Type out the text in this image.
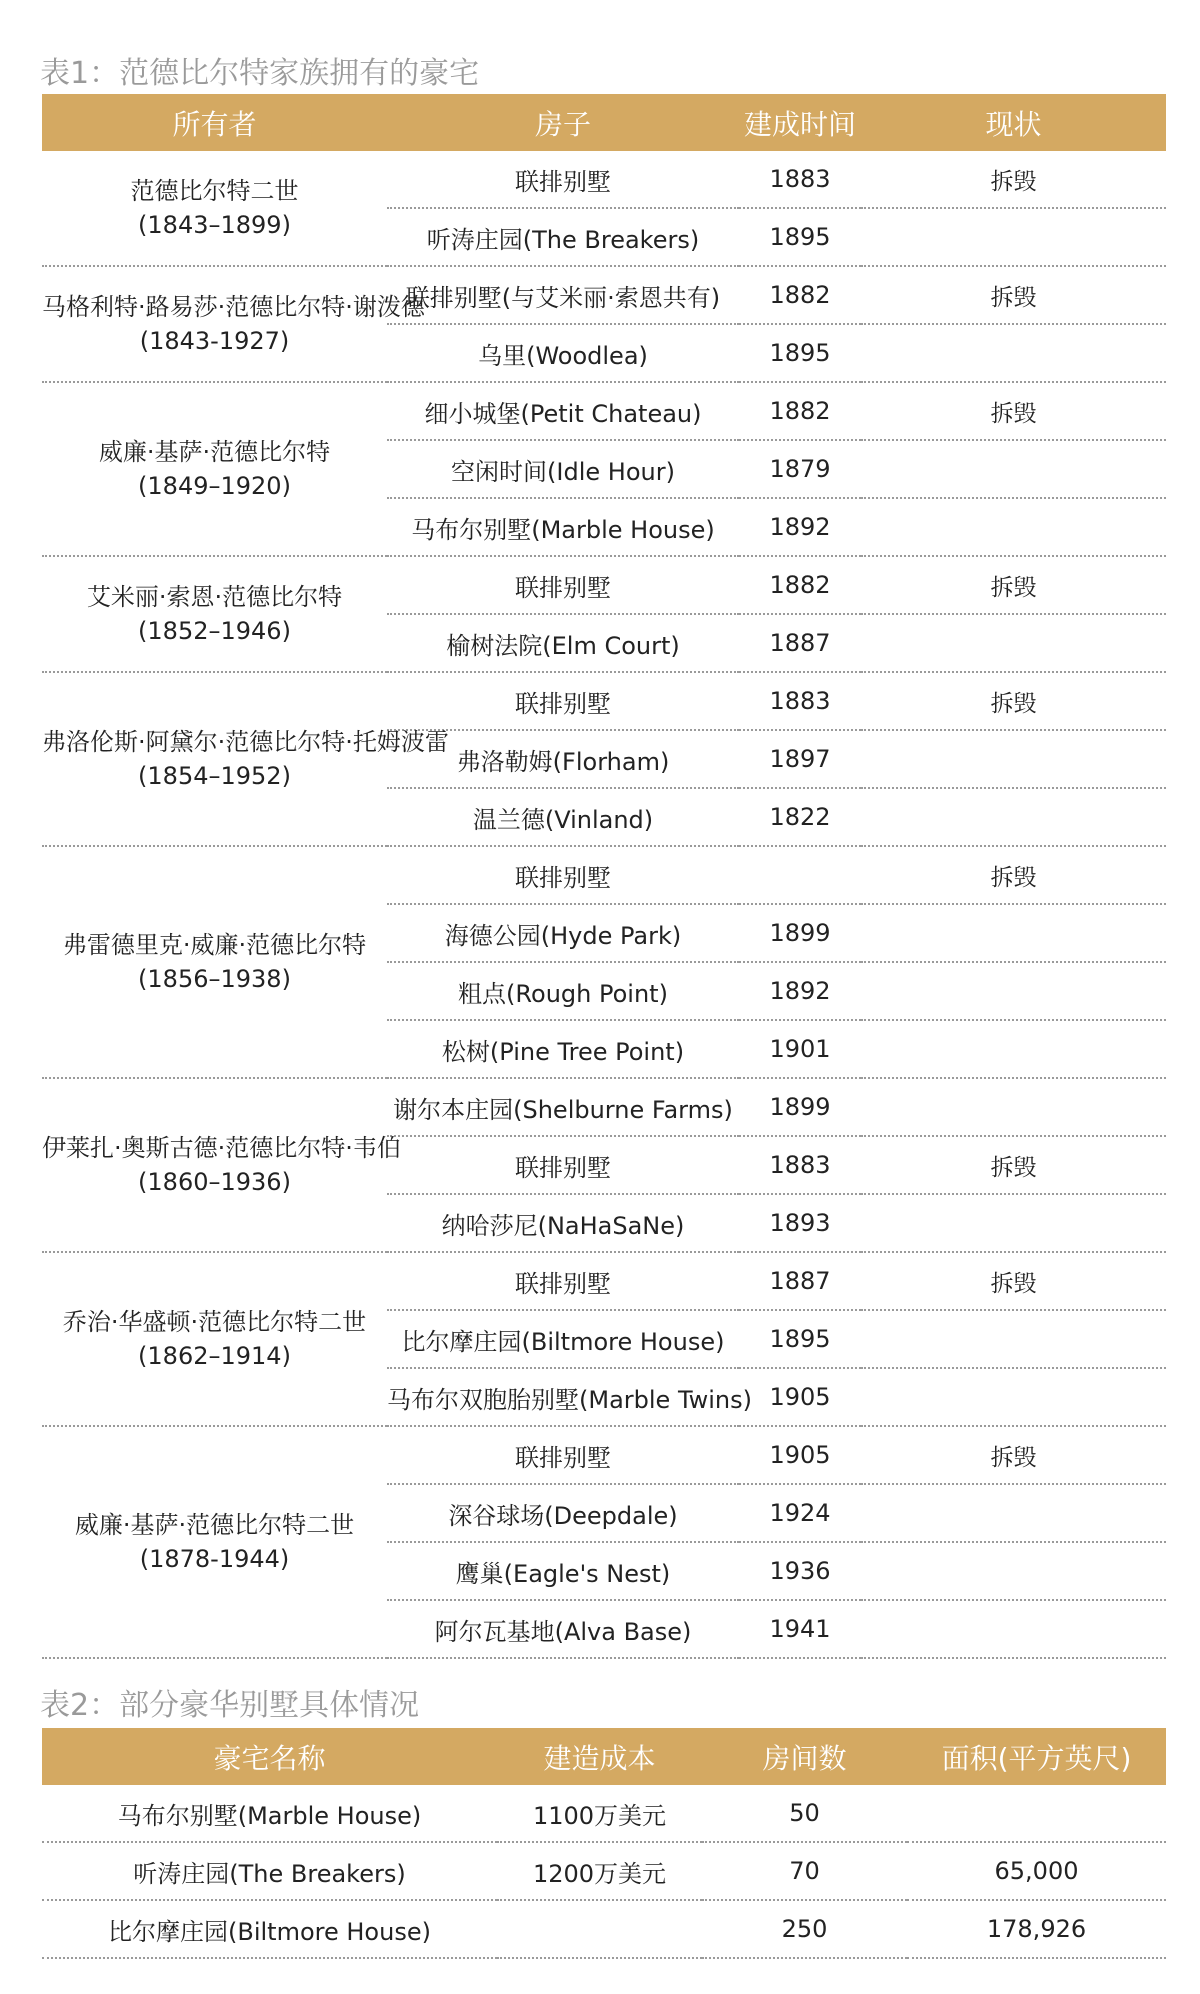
表1：范德比尔特家族拥有的豪宅
所有者	房子	建成时间	现状

范德比尔特二世
(1843–1899)	联排别墅	1883	拆毁
	听涛庄园(The Breakers)	1895	

马格利特·路易莎·范德比尔特·谢泼德
(1843-1927)	联排别墅(与艾米丽·索恩共有)	1882	拆毁
	乌里(Woodlea)	1895	

威廉·基萨·范德比尔特
(1849–1920)	细小城堡(Petit Chateau)	1882	拆毁
	空闲时间(Idle Hour)	1879	
	马布尔别墅(Marble House)	1892	

艾米丽·索恩·范德比尔特
(1852–1946)	联排别墅	1882	拆毁
	榆树法院(Elm Court)	1887	

弗洛伦斯·阿黛尔·范德比尔特·托姆波雷
(1854–1952)	联排别墅	1883	拆毁
	弗洛勒姆(Florham)	1897	
	温兰德(Vinland)	1822	

弗雷德里克·威廉·范德比尔特
(1856–1938)	联排别墅		拆毁
	海德公园(Hyde Park)	1899	
	粗点(Rough Point)	1892	
	松树(Pine Tree Point)	1901	

伊莱扎·奥斯古德·范德比尔特·韦伯
(1860–1936)	谢尔本庄园(Shelburne Farms)	1899	
	联排别墅	1883	拆毁
	纳哈莎尼(NaHaSaNe)	1893	

乔治·华盛顿·范德比尔特二世
(1862–1914)	联排别墅	1887	拆毁
	比尔摩庄园(Biltmore House)	1895	
	马布尔双胞胎别墅(Marble Twins)	1905	

威廉·基萨·范德比尔特二世
(1878-1944)	联排别墅	1905	拆毁
	深谷球场(Deepdale)	1924	
	鹰巢(Eagle's Nest)	1936	
	阿尔瓦基地(Alva Base)	1941	
表2：部分豪华别墅具体情况
豪宅名称	建造成本	房间数	面积(平方英尺)
马布尔别墅(Marble House)	1100万美元	50	
听涛庄园(The Breakers)	1200万美元	70	65,000
比尔摩庄园(Biltmore House)		250	178,926
